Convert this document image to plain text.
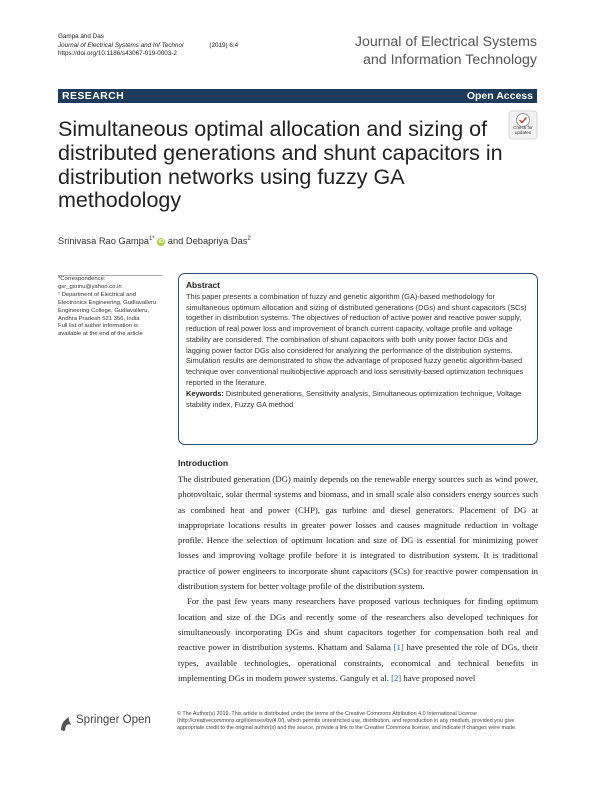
Gampa and Das
Journal of Electrical Systems and Inf Technol	(2019) 6:4
https://doi.org/10.1186/s43067-019-0003-2
Journal of Electrical Systems
and Information Technology
RESEARCH	Open Access
Simultaneous optimal allocation and sizing of distributed generations and shunt capacitors in distribution networks using fuzzy GA methodology
Check for
updates
Srinivasa Rao Gampa$^{1*}$ iD and Debapriya Das$^2$
*Correspondence:
gsr_gsrinu@yahoo.co.in
¹ Department of Electrical and Electronics Engineering, Gudlavalleru Engineering College, Gudlavalleru, Andhra Pradesh 521 356, India
Full list of author information is available at the end of the article
Abstract
This paper presents a combination of fuzzy and genetic algorithm (GA)-based methodology for simultaneous optimum allocation and sizing of distributed generations (DGs) and shunt capacitors (SCs) together in distribution systems. The objectives of reduction of active power and reactive power supply, reduction of real power loss and improvement of branch current capacity, voltage profile and voltage stability are considered. The combination of shunt capacitors with both unity power factor DGs and lagging power factor DGs also considered for analyzing the performance of the distribution systems. Simulation results are demonstrated to show the advantage of proposed fuzzy genetic algorithm-based technique over conventional multiobjective approach and loss sensitivity-based optimization techniques reported in the literature.
Keywords: Distributed generations, Sensitivity analysis, Simultaneous optimization technique, Voltage stability index, Fuzzy GA method
Introduction

The distributed generation (DG) mainly depends on the renewable energy sources such as wind power, photovoltaic, solar thermal systems and biomass, and in small scale also considers energy sources such as combined heat and power (CHP), gas turbine and diesel generators. Placement of DG at inappropriate locations results in greater power losses and causes magnitude reduction in voltage profile. Hence the selection of optimum location and size of DG is essential for minimizing power losses and improving voltage profile before it is integrated to distribution system. It is traditional practice of power engineers to incorporate shunt capacitors (SCs) for reactive power compensation in distribution system for better voltage profile of the distribution system.

For the past few years many researchers have proposed various techniques for finding optimum location and size of the DGs and recently some of the researchers also developed techniques for simultaneously incorporating DGs and shunt capacitors together for compensation both real and reactive power in distribution systems. Khattam and Salama [1] have presented the role of DGs, their types, available technologies, operational constraints, economical and technical benefits in implementing DGs in modern power systems. Ganguly et al. [2] have proposed novel

Springer Open	© The Author(s) 2019. This article is distributed under the terms of the Creative Commons Attribution 4.0 International License (http://creativecommons.org/licenses/by/4.0/), which permits unrestricted use, distribution, and reproduction in any medium, provided you give appropriate credit to the original author(s) and the source, provide a link to the Creative Commons license, and indicate if changes were made.
